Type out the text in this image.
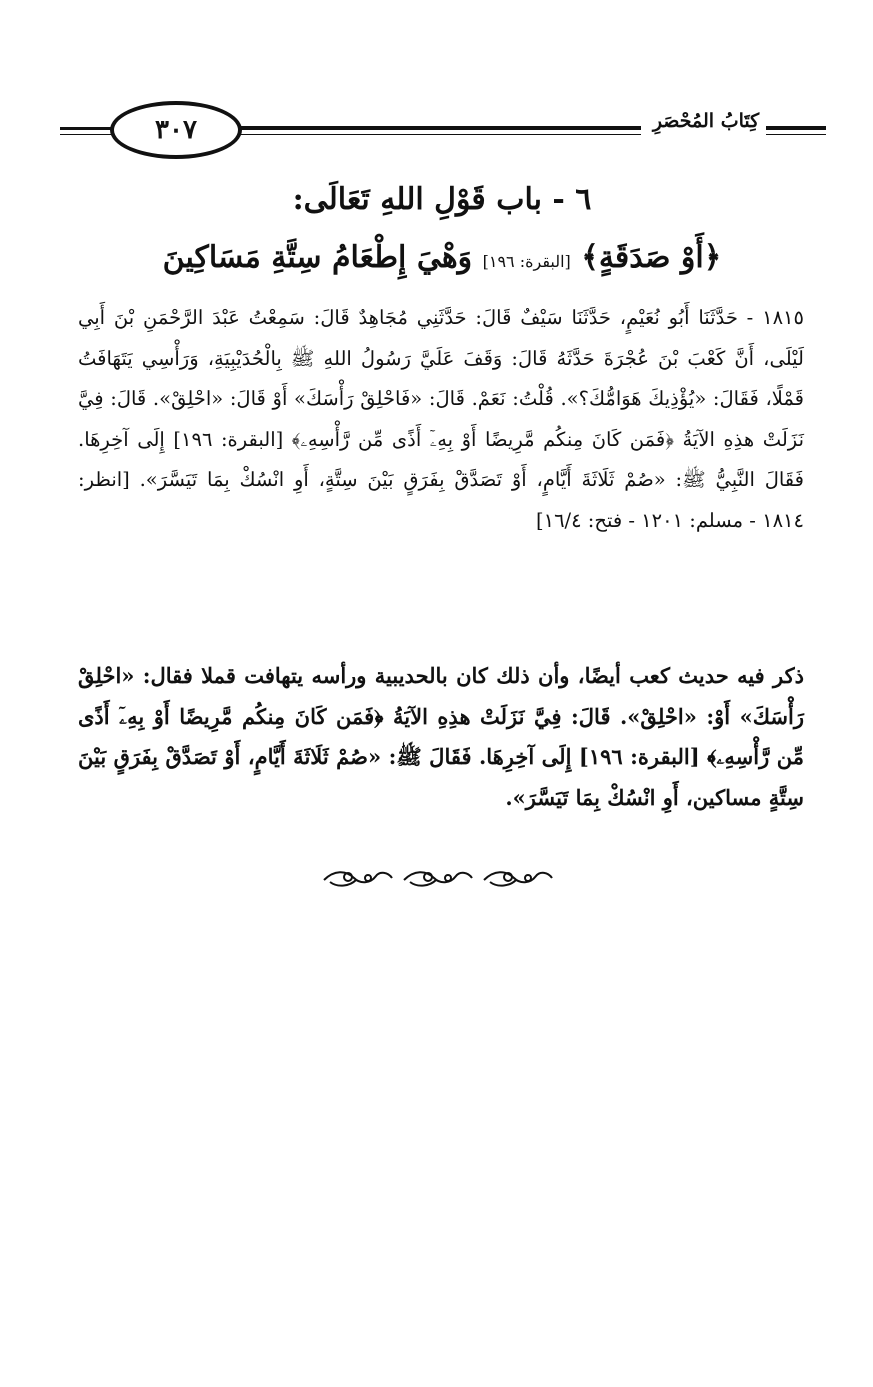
٣٠٧	كِتَابُ المُحْصَرِ
٦ - باب قَوْلِ اللهِ تَعَالَى:
﴿أَوْ صَدَقَةٍ﴾ [البقرة: ١٩٦] وَهْيَ إِطْعَامُ سِتَّةِ مَسَاكِينَ
١٨١٥ - حَدَّثَنَا أَبُو نُعَيْمٍ، حَدَّثَنَا سَيْفٌ قَالَ: حَدَّثَنِي مُجَاهِدٌ قَالَ: سَمِعْتُ عَبْدَ الرَّحْمَنِ بْنَ أَبِي لَيْلَى، أَنَّ كَعْبَ بْنَ عُجْرَةَ حَدَّثَهُ قَالَ: وَقَفَ عَلَيَّ رَسُولُ اللهِ ﷺ بِالْحُدَيْبِيَةِ، وَرَأْسِي يَتَهَافَتُ قَمْلًا، فَقَالَ: «يُؤْذِيكَ هَوَامُّكَ؟». قُلْتُ: نَعَمْ. قَالَ: «فَاحْلِقْ رَأْسَكَ» أَوْ قَالَ: «احْلِقْ». قَالَ: فِيَّ نَزَلَتْ هذِهِ الآيَةُ ﴿فَمَن كَانَ مِنكُم مَّرِيضًا أَوْ بِهِۦٓ أَذًى مِّن رَّأْسِهِۦ﴾ [البقرة: ١٩٦] إِلَى آخِرِهَا. فَقَالَ النَّبِيُّ ﷺ: «صُمْ ثَلَاثَةَ أَيَّامٍ، أَوْ تَصَدَّقْ بِفَرَقٍ بَيْنَ سِتَّةٍ، أَوِ انْسُكْ بِمَا تَيَسَّرَ». [انظر: ١٨١٤ - مسلم: ١٢٠١ - فتح: ١٦/٤]
ذكر فيه حديث كعب أيضًا، وأن ذلك كان بالحديبية ورأسه يتهافت قملا فقال: «احْلِقْ رَأْسَكَ» أَوْ: «احْلِقْ». قَالَ: فِيَّ نَزَلَتْ هذِهِ الآيَةُ ﴿فَمَن كَانَ مِنكُم مَّرِيضًا أَوْ بِهِۦٓ أَذًى مِّن رَّأْسِهِۦ﴾ [البقرة: ١٩٦] إِلَى آخِرِهَا. فَقَالَ ﷺ: «صُمْ ثَلَاثَةَ أَيَّامٍ، أَوْ تَصَدَّقْ بِفَرَقٍ بَيْنَ سِتَّةٍ مساكين، أَوِ انْسُكْ بِمَا تَيَسَّرَ».
